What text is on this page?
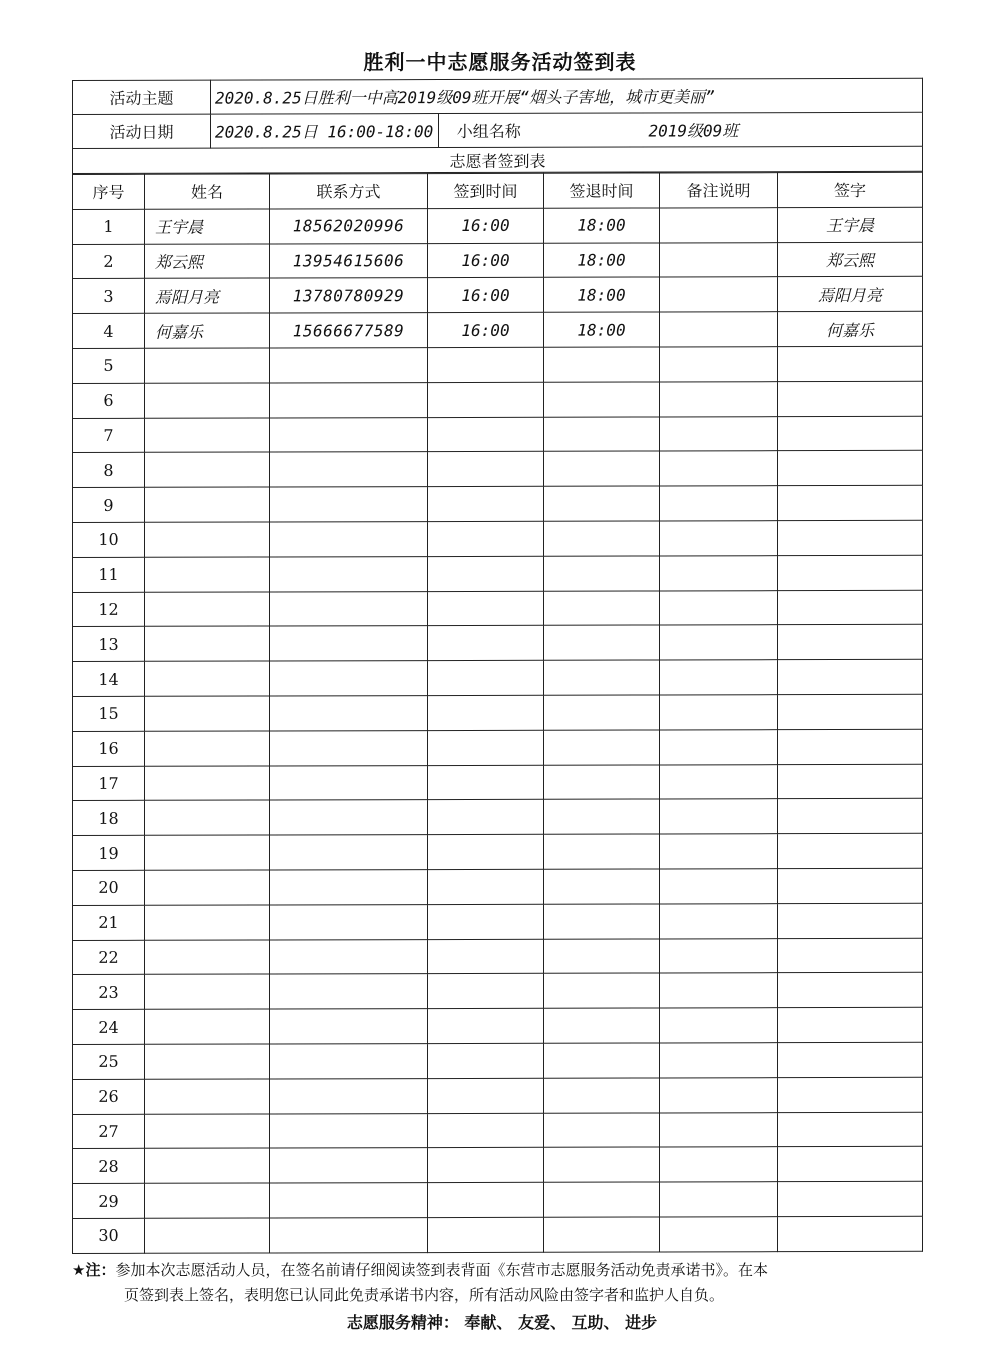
胜利一中志愿服务活动签到表
活动主题	2020.8.25日胜利一中高2019级09班开展“烟头子害地，城市更美丽”		
活动日期	2020.8.25日 16:00-18:00	小组名称	2019级09班
志愿者签到表			
序号	姓名	联系方式	签到时间	签退时间	备注说明	签字
1	王宇晨	18562020996	16:00	18:00		王宇晨
2	郑云熙	13954615606	16:00	18:00		郑云熙
3	焉阳月亮	13780780929	16:00	18:00		焉阳月亮
4	何嘉乐	15666677589	16:00	18:00		何嘉乐
5						
6						
7						
8						
9						
10						
11						
12						
13						
14						
15						
16						
17						
18						
19						
20						
21						
22						
23						
24						
25						
26						
27						
28						
29						
30						
★注：参加本次志愿活动人员，在签名前请仔细阅读签到表背面《东营市志愿服务活动免责承诺书》。在本
页签到表上签名，表明您已认同此免责承诺书内容，所有活动风险由签字者和监护人自负。
志愿服务精神： 奉献、 友爱、 互助、 进步
